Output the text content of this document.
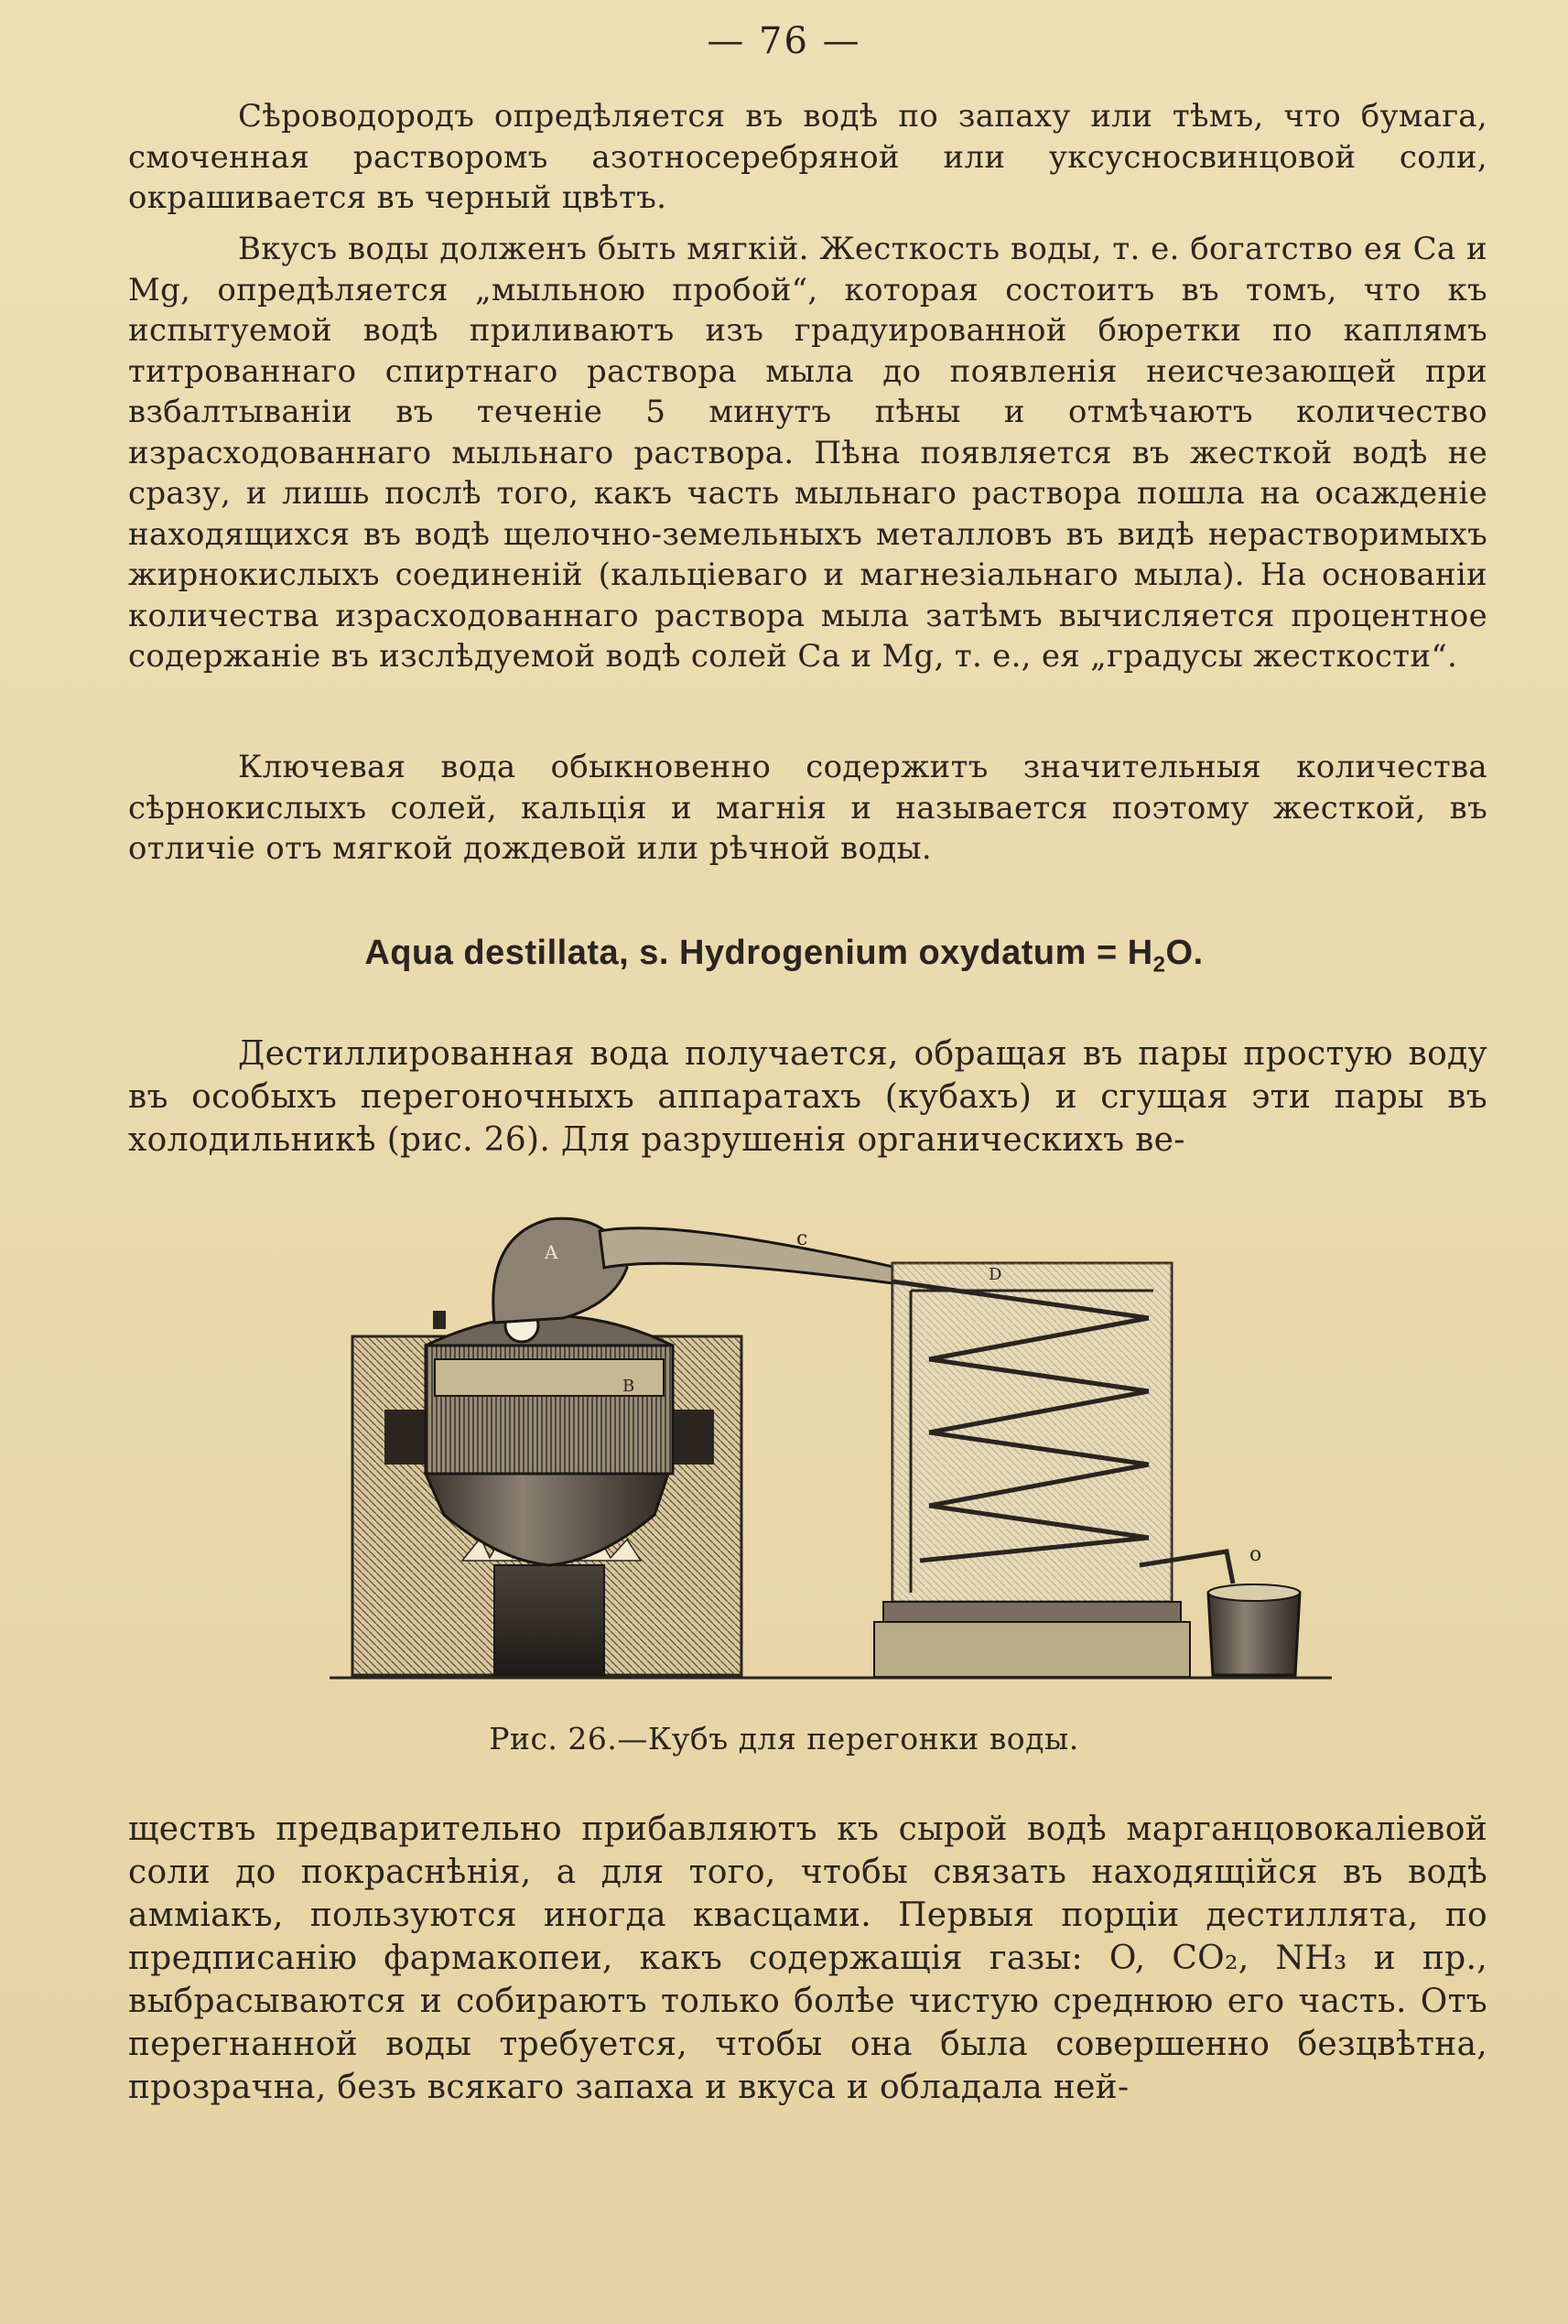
— 76 —

Сѣроводородъ опредѣляется въ водѣ по запаху или тѣмъ, что бумага, смоченная растворомъ азотносеребряной или уксусносвинцовой соли, окрашивается въ черный цвѣтъ.

Вкусъ воды долженъ быть мягкій. Жесткость воды, т. е. богатство ея Ca и Mg, опредѣляется „мыльною пробой“, которая состоитъ въ томъ, что къ испытуемой водѣ приливаютъ изъ градуированной бюретки по каплямъ титрованнаго спиртнаго раствора мыла до появленія неисчезающей при взбалтываніи въ теченіе 5 минутъ пѣны и отмѣчаютъ количество израсходованнаго мыльнаго раствора. Пѣна появляется въ жесткой водѣ не сразу, и лишь послѣ того, какъ часть мыльнаго раствора пошла на осажденіе находящихся въ водѣ щелочно-земельныхъ металловъ въ видѣ нерастворимыхъ жирнокислыхъ соединеній (кальціеваго и магнезіальнаго мыла). На основаніи количества израсходованнаго раствора мыла затѣмъ вычисляется процентное содержаніе въ изслѣдуемой водѣ солей Ca и Mg, т. е., ея „градусы жесткости“.

Ключевая вода обыкновенно содержитъ значительныя количества сѣрнокислыхъ солей, кальція и магнія и называется поэтому жесткой, въ отличіе отъ мягкой дождевой или рѣчной воды.

Aqua destillata, s. Hydrogenium oxydatum = $H_2O$.

Дестиллированная вода получается, обращая въ пары простую воду въ особыхъ перегоночныхъ аппаратахъ (кубахъ) и сгущая эти пары въ холодильникѣ (рис. 26). Для разрушенія органическихъ ве-

A
B
c
D
o
Рис. 26.—Кубъ для перегонки воды.

ществъ предварительно прибавляютъ къ сырой водѣ марганцовокаліевой соли до покраснѣнія, а для того, чтобы связать находящійся въ водѣ амміакъ, пользуются иногда квасцами. Первыя порціи дестиллята, по предписанію фармакопеи, какъ содержащія газы: O, CO₂, NH₃ и пр., выбрасываются и собираютъ только болѣе чистую среднюю его часть. Отъ перегнанной воды требуется, чтобы она была совершенно безцвѣтна, прозрачна, безъ всякаго запаха и вкуса и обладала ней-
